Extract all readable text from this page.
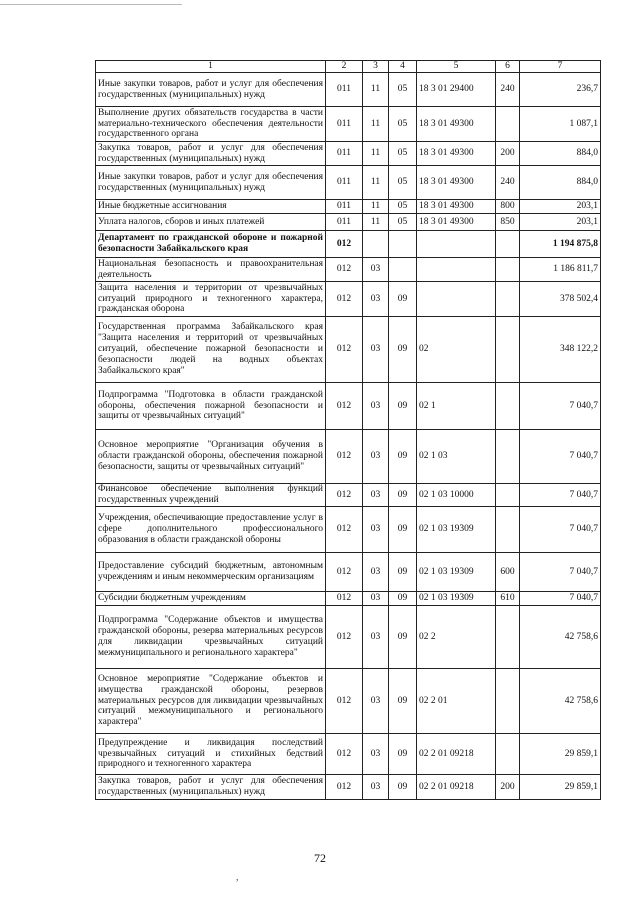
1	2	3	4	5	6	7
Иные закупки товаров, работ и услуг для обеспечения государственных (муниципальных) нужд	011	11	05	18 3 01 29400	240	236,7
Выполнение других обязательств государства в части материально-технического обеспечения деятельности государственного органа	011	11	05	18 3 01 49300		1 087,1
Закупка товаров, работ и услуг для обеспечения государственных (муниципальных) нужд	011	11	05	18 3 01 49300	200	884,0
Иные закупки товаров, работ и услуг для обеспечения государственных (муниципальных) нужд	011	11	05	18 3 01 49300	240	884,0
Иные бюджетные ассигнования	011	11	05	18 3 01 49300	800	203,1
Уплата налогов, сборов и иных платежей	011	11	05	18 3 01 49300	850	203,1
Департамент по гражданской обороне и пожарной безопасности Забайкальского края	012					1 194 875,8
Национальная безопасность и правоохранительная деятельность	012	03				1 186 811,7
Защита населения и территории от чрезвычайных ситуаций природного и техногенного характера, гражданская оборона	012	03	09			378 502,4
Государственная программа Забайкальского края "Защита населения и территорий от чрезвычайных ситуаций, обеспечение пожарной безопасности и безопасности людей на водных объектах Забайкальского края"	012	03	09	02		348 122,2
Подпрограмма "Подготовка в области гражданской обороны, обеспечения пожарной безопасности и защиты от чрезвычайных ситуаций"	012	03	09	02 1		7 040,7
Основное мероприятие "Организация обучения в области гражданской обороны, обеспечения пожарной безопасности, защиты от чрезвычайных ситуаций"	012	03	09	02 1 03		7 040,7
Финансовое обеспечение выполнения функций государственных учреждений	012	03	09	02 1 03 10000		7 040,7
Учреждения, обеспечивающие предоставление услуг в сфере дополнительного профессионального образования в области гражданской обороны	012	03	09	02 1 03 19309		7 040,7
Предоставление субсидий бюджетным, автономным учреждениям и иным некоммерческим организациям	012	03	09	02 1 03 19309	600	7 040,7
Субсидии бюджетным учреждениям	012	03	09	02 1 03 19309	610	7 040,7
Подпрограмма "Содержание объектов и имущества гражданской обороны, резерва материальных ресурсов для ликвидации чрезвычайных ситуаций межмуниципального и регионального характера"	012	03	09	02 2		42 758,6
Основное мероприятие "Содержание объектов и имущества гражданской обороны, резервов материальных ресурсов для ликвидации чрезвычайных ситуаций межмуниципального и регионального характера"	012	03	09	02 2 01		42 758,6
Предупреждение и ликвидация последствий чрезвычайных ситуаций и стихийных бедствий природного и техногенного характера	012	03	09	02 2 01 09218		29 859,1
Закупка товаров, работ и услуг для обеспечения государственных (муниципальных) нужд	012	03	09	02 2 01 09218	200	29 859,1
72
,
